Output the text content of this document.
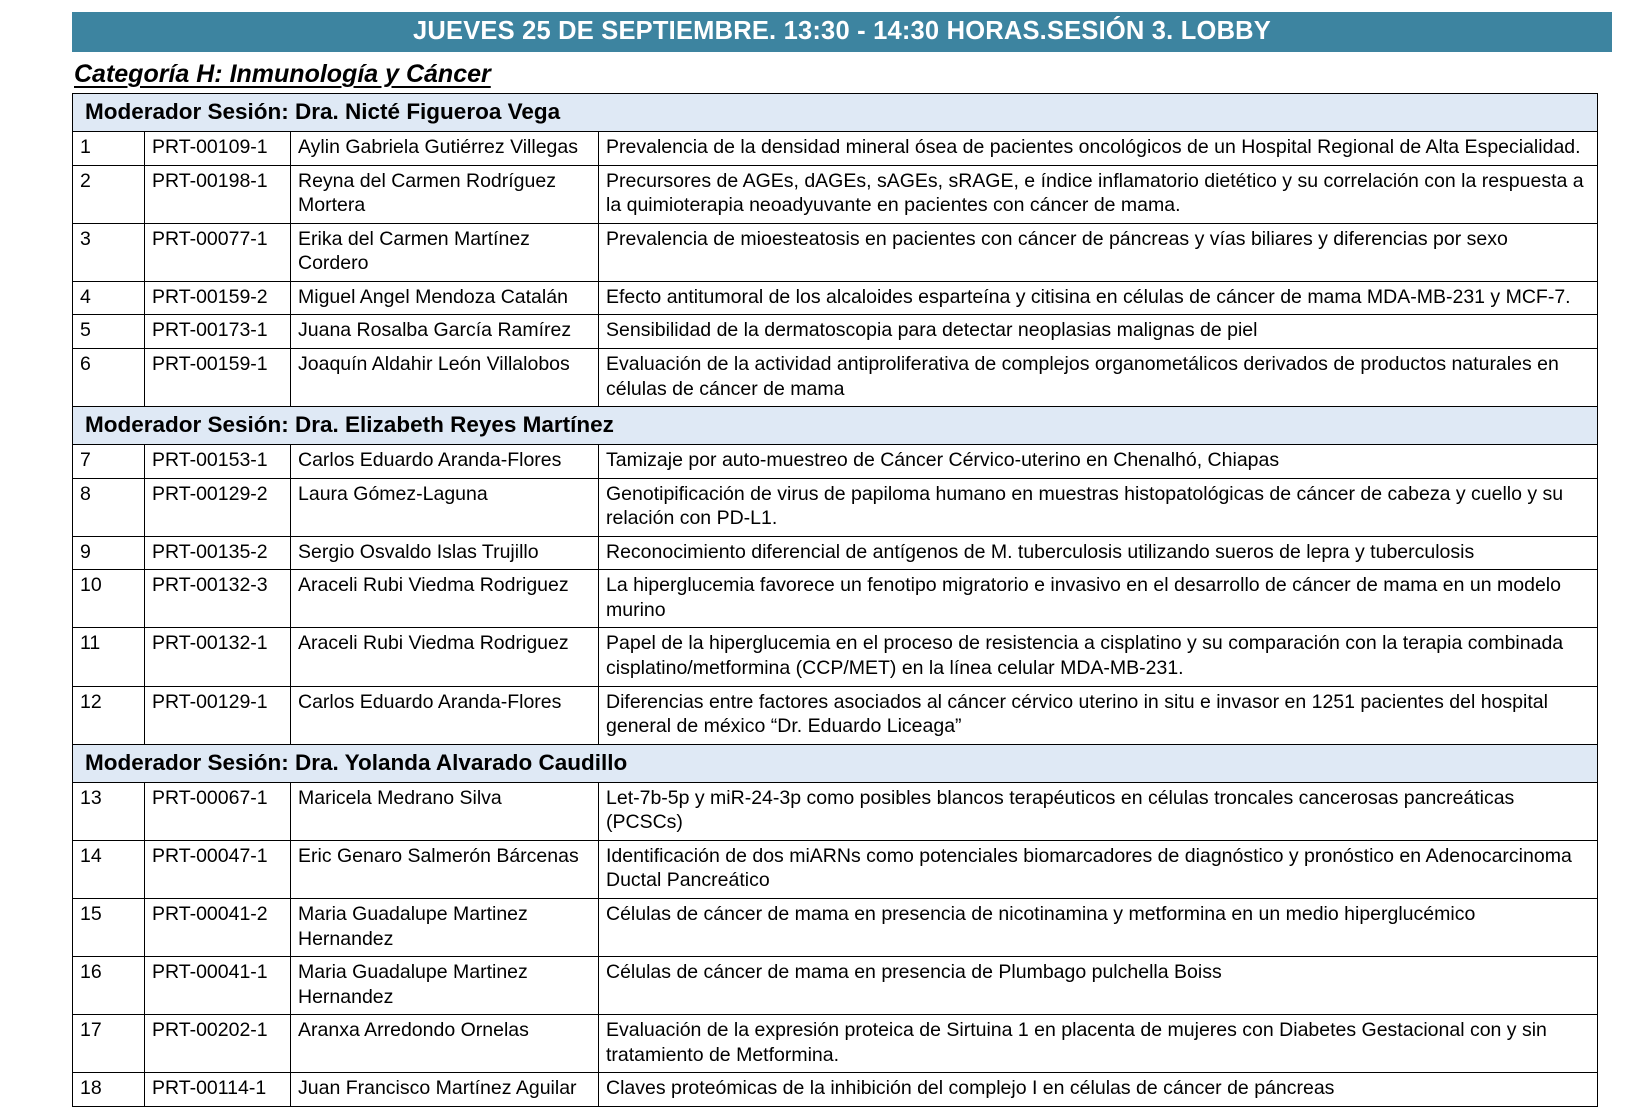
JUEVES 25 DE SEPTIEMBRE. 13:30 - 14:30 HORAS.SESIÓN 3. LOBBY
Categoría H: Inmunología y Cáncer
Moderador Sesión: Dra. Nicté Figueroa Vega			
1	PRT-00109-1	Aylin Gabriela Gutiérrez Villegas	Prevalencia de la densidad mineral ósea de pacientes oncológicos de un Hospital Regional de Alta Especialidad.
2	PRT-00198-1	Reyna del Carmen Rodríguez Mortera	Precursores de AGEs, dAGEs, sAGEs, sRAGE, e índice inflamatorio dietético y su correlación con la respuesta a la quimioterapia neoadyuvante en pacientes con cáncer de mama.
3	PRT-00077-1	Erika del Carmen Martínez Cordero	Prevalencia de mioesteatosis en pacientes con cáncer de páncreas y vías biliares y diferencias por sexo
4	PRT-00159-2	Miguel Angel Mendoza Catalán	Efecto antitumoral de los alcaloides esparteína y citisina en células de cáncer de mama MDA-MB-231 y MCF-7.
5	PRT-00173-1	Juana Rosalba García Ramírez	Sensibilidad de la dermatoscopia para detectar neoplasias malignas de piel
6	PRT-00159-1	Joaquín Aldahir León Villalobos	Evaluación de la actividad antiproliferativa de complejos organometálicos derivados de productos naturales en células de cáncer de mama
Moderador Sesión: Dra. Elizabeth Reyes Martínez			
7	PRT-00153-1	Carlos Eduardo Aranda-Flores	Tamizaje por auto-muestreo de Cáncer Cérvico-uterino en Chenalhó, Chiapas
8	PRT-00129-2	Laura Gómez-Laguna	Genotipificación de virus de papiloma humano en muestras histopatológicas de cáncer de cabeza y cuello y su relación con PD-L1.
9	PRT-00135-2	Sergio Osvaldo Islas Trujillo	Reconocimiento diferencial de antígenos de M. tuberculosis utilizando sueros de lepra y tuberculosis
10	PRT-00132-3	Araceli Rubi Viedma Rodriguez	La hiperglucemia favorece un fenotipo migratorio e invasivo en el desarrollo de cáncer de mama en un modelo murino
11	PRT-00132-1	Araceli Rubi Viedma Rodriguez	Papel de la hiperglucemia en el proceso de resistencia a cisplatino y su comparación con la terapia combinada cisplatino/metformina (CCP/MET) en la línea celular MDA-MB-231.
12	PRT-00129-1	Carlos Eduardo Aranda-Flores	Diferencias entre factores asociados al cáncer cérvico uterino in situ e invasor en 1251 pacientes del hospital general de méxico “Dr. Eduardo Liceaga”
Moderador Sesión: Dra. Yolanda Alvarado Caudillo			
13	PRT-00067-1	Maricela Medrano Silva	Let-7b-5p y miR-24-3p como posibles blancos terapéuticos en células troncales cancerosas pancreáticas (PCSCs)
14	PRT-00047-1	Eric Genaro Salmerón Bárcenas	Identificación de dos miARNs como potenciales biomarcadores de diagnóstico y pronóstico en Adenocarcinoma Ductal Pancreático
15	PRT-00041-2	Maria Guadalupe Martinez Hernandez	Células de cáncer de mama en presencia de nicotinamina y metformina en un medio hiperglucémico
16	PRT-00041-1	Maria Guadalupe Martinez Hernandez	Células de cáncer de mama en presencia de Plumbago pulchella Boiss
17	PRT-00202-1	Aranxa Arredondo Ornelas	Evaluación de la expresión proteica de Sirtuina 1 en placenta de mujeres con Diabetes Gestacional con y sin tratamiento de Metformina.
18	PRT-00114-1	Juan Francisco Martínez Aguilar	Claves proteómicas de la inhibición del complejo I en células de cáncer de páncreas
